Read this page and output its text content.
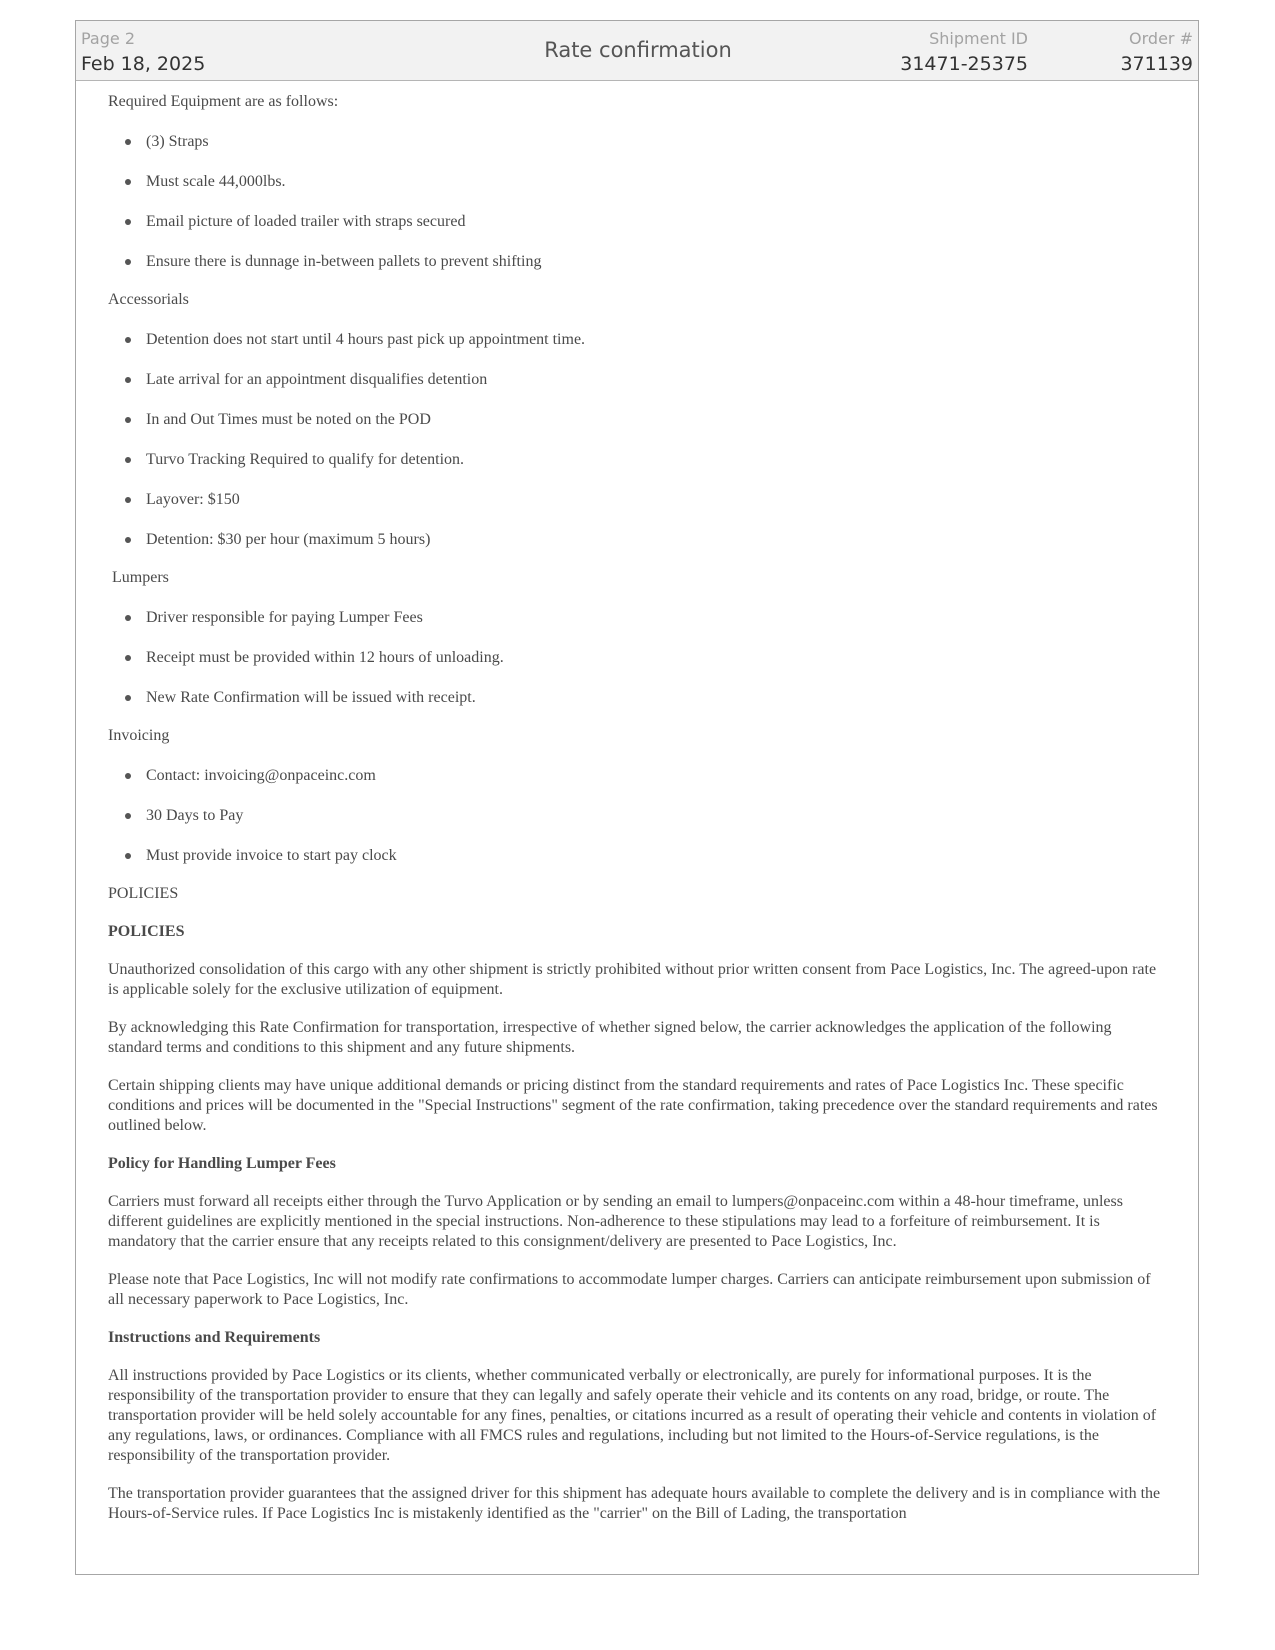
Page 2
Feb 18, 2025
Rate confirmation	Shipment ID
31471-25375
Order #
371139
Required Equipment are as follows:
(3) Straps
Must scale 44,000lbs.
Email picture of loaded trailer with straps secured
Ensure there is dunnage in-between pallets to prevent shifting
Accessorials
Detention does not start until 4 hours past pick up appointment time.
Late arrival for an appointment disqualifies detention
In and Out Times must be noted on the POD
Turvo Tracking Required to qualify for detention.
Layover: $150
Detention: $30 per hour (maximum 5 hours)
Lumpers
Driver responsible for paying Lumper Fees
Receipt must be provided within 12 hours of unloading.
New Rate Confirmation will be issued with receipt.
Invoicing
Contact: invoicing@onpaceinc.com
30 Days to Pay
Must provide invoice to start pay clock
POLICIES
POLICIES

Unauthorized consolidation of this cargo with any other shipment is strictly prohibited without prior written consent from Pace Logistics, Inc. The agreed-upon rate is applicable solely for the exclusive utilization of equipment.

By acknowledging this Rate Confirmation for transportation, irrespective of whether signed below, the carrier acknowledges the application of the following standard terms and conditions to this shipment and any future shipments.

Certain shipping clients may have unique additional demands or pricing distinct from the standard requirements and rates of Pace Logistics Inc. These specific conditions and prices will be documented in the "Special Instructions" segment of the rate confirmation, taking precedence over the standard requirements and rates outlined below.

Policy for Handling Lumper Fees

Carriers must forward all receipts either through the Turvo Application or by sending an email to lumpers@onpaceinc.com within a 48-hour timeframe, unless different guidelines are explicitly mentioned in the special instructions. Non-adherence to these stipulations may lead to a forfeiture of reimbursement. It is mandatory that the carrier ensure that any receipts related to this consignment/delivery are presented to Pace Logistics, Inc.

Please note that Pace Logistics, Inc will not modify rate confirmations to accommodate lumper charges. Carriers can anticipate reimbursement upon submission of all necessary paperwork to Pace Logistics, Inc.

Instructions and Requirements

All instructions provided by Pace Logistics or its clients, whether communicated verbally or electronically, are purely for informational purposes. It is the responsibility of the transportation provider to ensure that they can legally and safely operate their vehicle and its contents on any road, bridge, or route. The transportation provider will be held solely accountable for any fines, penalties, or citations incurred as a result of operating their vehicle and contents in violation of any regulations, laws, or ordinances. Compliance with all FMCS rules and regulations, including but not limited to the Hours-of-Service regulations, is the responsibility of the transportation provider.

The transportation provider guarantees that the assigned driver for this shipment has adequate hours available to complete the delivery and is in compliance with the Hours-of-Service rules. If Pace Logistics Inc is mistakenly identified as the "carrier" on the Bill of Lading, the transportation
